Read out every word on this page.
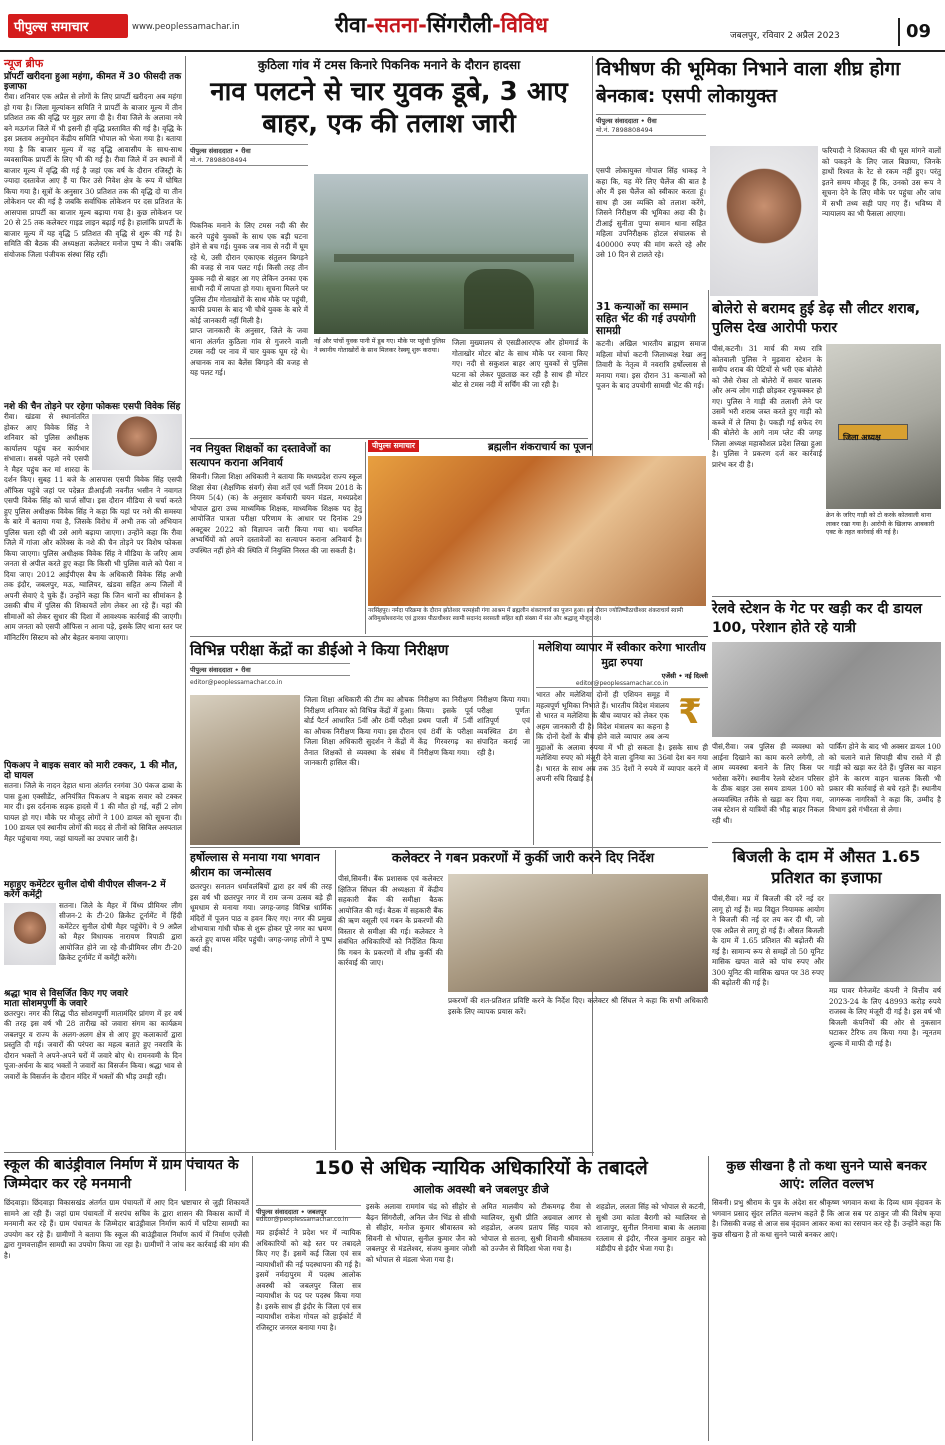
पीपुल्स समाचार	www.peoplessamachar.in	रीवा-सतना-सिंगरौली-विविध	जबलपुर, रविवार 2 अप्रैल 2023	09
न्यूज ब्रीफ
प्रॉपर्टी खरीदना हुआ महंगा, कीमत में 30 फीसदी तक इजाफा
रीवा। शनिवार एक अप्रैल से लोगों के लिए प्रापर्टी खरीदना अब महंगा हो गया है। जिला मूल्यांकन समिति ने प्रापर्टी के बाजार मूल्य में तीन प्रतिशत तक की वृद्धि पर मुहर लगा दी है। रीवा जिले के अलावा नये बने मऊगंज जिले में भी इसनी ही वृद्धि प्रस्तावित की गई है। वृद्धि के इस प्रस्ताव अनुमोदन केंद्रीय समिति भोपाल को भेजा गया है। बताया गया है कि बाजार मूल्य में यह वृद्धि आवासीय के साथ-साथ व्यवसायिक प्रापर्टी के लिए भी की गई है। रीवा जिले में उन स्थानों में बाजार मूल्य में वृद्धि की गई है जहां एक वर्ष के दौरान रजिस्ट्री के ज्यादा दस्तावेज आए हैं या फिर उसे निवेश क्षेत्र के रूप में घोषित किया गया है। सूत्रों के अनुसार 30 प्रतिशत तक की वृद्धि दो या तीन लोकेशन पर की गई है जबकि सर्वाधिक लोकेशन पर दस प्रतिशत के आसपास प्रापर्टी का बाजार मूल्य बढ़ाया गया है। कुछ लोकेशन पर 20 से 25 तक कलेक्टर गाइड लाइन बढ़ाई गई है। हालांकि प्रापर्टी के बाजार मूल्य में यह वृद्धि 5 प्रतिशत की वृद्धि से शुरू की गई है। समिति की बैठक की अध्यक्षता कलेक्टर मनोज पुष्प ने की। जबकि संयोजक जिला पंजीयक संस्था सिंह रहीं।
नशे की चैन तोड़ने पर रहेगा फोकसः एसपी विवेक सिंह
रीवा। खंडवा से स्थानांतरित होकर आए विवेक सिंह ने शनिवार को पुलिस अधीक्षक कार्यालय पहुंच कर कार्यभार संभाला। सबसे पहले नये एसपी ने मैहर पहुंच कर मां शारदा के दर्शन किए। सुबह 11 बजे के आसपास एसपी विवेक सिंह एसपी ऑफिस पहुंचे जहां पर पदेन्नत डीआईजी नवनीत भसीन ने नवागत एसपी विवेक सिंह को चार्ज सौंपा। इस दौरान मीडिया से चर्चा करते हुए पुलिस अधीक्षक विवेक सिंह ने कहा कि यहां पर नशे की समस्या के बारे में बताया गया है, जिसके विरोध में अभी तक जो अभियान पुलिस चला रही थी उसे आगे बढ़ाया जाएगा। उन्होंने कहा कि रीवा जिले में गांजा और कोरेक्स के नशे की चैन तोड़ने पर विशेष फोकस किया जाएगा। पुलिस अधीक्षक विवेक सिंह ने मीडिया के जरिए आम जनता से अपील करते हुए कहा कि किसी भी पुलिस वाले को पैसा न दिया जाए। 2012 आईपीएस बैच के अधिकारी विवेक सिंह अभी तक इंदौर, जबलपुर, मऊ, ग्वालियर, खंडवा सहित अन्य जिलों में अपनी सेवाएं दे चुके हैं। उन्होंने कहा कि जिन थानों का सीमांकन है उसकी बीच में पुलिस की शिकायतें लोग लेकर आ रहे हैं। यहां की सीमाओं को लेकर सुधार की दिशा में आवश्यक कार्रवाई की जाएगी। आम जनता को एसपी ऑफिस न आना पड़े, इसके लिए थाना स्तर पर मॉनिटरिंग सिस्टम को और बेहतर बनाया जाएगा।
पिकअप ने बाइक सवार को मारी टक्कर, 1 की मौत, दो घायल
सतना। जिले के नादन देहात थाना अंतर्गत रनगंवा 30 पंकज ढाबा के पास हुआ एक्सीडेंट, अनियंत्रित पिकअप ने बाइक सवार को टक्कर मार दी। इस दर्दनाक सड़क हादसे में 1 की मौत हो गई, वहीं 2 लोग घायल हो गए। मौके पर मौजूद लोगों ने 100 डायल को सूचना दी।100 डायल एवं स्थानीय लोगों की मदद से तीनों को सिविल अस्पताल मैहर पहुंचाया गया, जहां घायलों का उपचार जारी है।
महाहुए कमेंटेटर सुनील दोषी वीपीएल सीजन-2 में करेंगे कमेंट्री
सतना। जिले के मैहर में विंध्य प्रीमियर लीग सीजन-2 के टी-20 क्रिकेट टूर्नामेंट में हिंदी कमेंटेटर सुनील दोषी मैहर पहुंचेंगे। ये 9 अप्रैल को मैहर विधायक नारायण त्रिपाठी द्वारा आयोजित होने जा रहे वी-प्रीमियर लीग टी-20 क्रिकेट टूर्नामेंट में कमेंट्री करेंगे।
श्रद्धा भाव से विसर्जित किए गए जवारे
माता सोशमपुर्णी के जवारे
छतरपुर। नगर की सिद्ध पीठ सोशमपुर्णी मातामंदिर प्रांगण में हर वर्ष की तरह इस वर्ष भी 28 तारीख को जवारा संगम का कार्यक्रम जबलपुर व राज्य के अलग-अलग क्षेत्र से आए हुए कलाकारों द्वारा प्रस्तुति दी गई। जवारों की परंपरा का महत्व बताते हुए नवरात्रि के दौरान भक्तों ने अपने-अपने घरों में जवारे बोए थे। रामनवमी के दिन पूजा-अर्चना के बाद भक्तों ने जवारों का विसर्जन किया। श्रद्धा भाव से जवारों के विसर्जन के दौरान मंदिर में भक्तों की भीड़ उमड़ी रही।
कुठिला गांव में टमस किनारे पिकनिक मनाने के दौरान हादसा
नाव पलटने से चार युवक डूबे, 3 आए बाहर, एक की तलाश जारी
पीपुल्स संवाददाता • रीवा
मो.नं. 7898808494
पिकनिक मनाने के लिए टमस नदी की सैर करने पहुंचे युवकों के साथ एक बड़ी घटना होने से बच गई। युवक जब नाव से नदी में घूम रहे थे, उसी दौरान एकाएक संतुलन बिगड़ने की वजह से नाव पलट गई। किसी तरह तीन युवक नदी से बाहर आ गए लेकिन उनका एक साथी नदी में लापता हो गया। सूचना मिलने पर पुलिस टीम गोताखोरों के साथ मौके पर पहुंची, काफी प्रयास के बाद भी चौथे युवक के बारे में कोई जानकारी नहीं मिली है।
प्राप्त जानकारी के अनुसार, जिले के जवा थाना अंतर्गत कुठिला गांव से गुजरने वाली टमस नदी पर नाव में चार युवक घूम रहे थे। अचानक नाव का बैलेंस बिगड़ने की वजह से यह पलट गई।
नई और पांचों युवक पानी में डूब गए। मौके पर पहुंची पुलिस ने स्थानीय गोताखोरों के साथ मिलकर रेस्क्यू शुरू कराया।
जिला मुख्यालय से एसडीआरएफ और होमगार्ड के गोताखोर मोटर बोट के साथ मौके पर रवाना किए गए। नदी से सकुशल बाहर आए युवकों से पुलिस घटना को लेकर पूछताछ कर रही है साथ ही मोटर बोट से टमस नदी में सर्चिंग की जा रही है।
विभीषण की भूमिका निभाने वाला शीघ्र होगा बेनकाब: एसपी लोकायुक्त
पीपुल्स संवाददाता • रीवा
मो.नं. 7898808494
एसपी लोकायुक्त गोपाल सिंह धाकड़ ने कहा कि, यह मेरे लिए चैलेंज की बात है और मैं इस चैलेंज को स्वीकार करता हूं। साथ ही उस व्यक्ति को तलाश करेंगे, जिसने निरीक्षण की भूमिका अदा की है। टीआई सुनीता पुप्पा समान थाना सहित महिला उपनिरीक्षक होटल संचालक से 400000 रुपए की मांग करते रहे और उसे 10 दिन से टालते रहे।
फरियादी ने शिकायत की थी घूस मांगने वालों को पकड़ने के लिए जाल बिछाया, जिनके हाथों रिश्वत के रेट से रकम नहीं हुए। परंतु इतने समय मौजूद हैं कि, उनको उस रूप ने सूचना देने के लिए मौके पर पहुंचा और जांच में सभी तथ्य सही पाए गए हैं। भविष्य में न्यायालय का भी फैसला आएगा।
31 कन्याओं का सम्मान सहित भेंट की गई उपयोगी सामग्री
कटनी। अखिल भारतीय ब्राह्मण समाज महिला मोर्चा कटनी जिलाध्यक्ष रेखा अनु तिवारी के नेतृत्व में नवरात्रि हर्षोल्लास से मनाया गया। इस दौरान 31 कन्याओं को पूजन के बाद उपयोगी सामग्री भेंट की गई।
बोलेरो से बरामद हुई डेढ़ सौ लीटर शराब, पुलिस देख आरोपी फरार
पीसं,कटनी। 31 मार्च की मध्य रात्रि कोतवाली पुलिस ने मुड़वारा स्टेशन के समीप शराब की पेटियों से भरी एक बोलेरो को जैसे रोका तो बोलेरो में सवार चालक और अन्य लोग गाड़ी छोड़कर रफूचक्कर हो गए। पुलिस ने गाड़ी की तलाशी लेने पर उसमें भरी शराब जब्त करते हुए गाड़ी को कब्जे में ले लिया है। पकड़ी गई सफेद रंग की बोलेरो के आगे नाम प्लेट की जगह जिला अध्यक्ष महाकौशल प्रदेश लिखा हुआ है। पुलिस ने प्रकरण दर्ज कर कार्रवाई प्रारंभ कर दी है।
जिला अध्यक्ष
क्रेन के जरिए गाड़ी को टो करके कोतवाली थाना लाकर रखा गया है। आरोपी के खिलाफ आबकारी एक्ट के तहत कार्रवाई की गई है।
नव नियुक्त शिक्षकों का दस्तावेजों का सत्यापन कराना अनिवार्य
सिवनी। जिला शिक्षा अधिकारी ने बताया कि मध्यप्रदेश राज्य स्कूल शिक्षा सेवा (शैक्षणिक संवर्ग) सेवा शर्तें एवं भर्ती नियम 2018 के नियम 5(4) (क) के अनुसार कर्मचारी चयन मंडल, मध्यप्रदेश भोपाल द्वारा उच्च माध्यमिक शिक्षक, माध्यमिक शिक्षक पद हेतु आयोजित पात्रता परीक्षा परिणाम के आधार पर दिनांक 29 अक्टूबर 2022 को विज्ञापन जारी किया गया था। चयनित अभ्यर्थियों को अपने दस्तावेजों का सत्यापन कराना अनिवार्य है। उपस्थित नहीं होने की स्थिति में नियुक्ति निरस्त की जा सकती है।
पीपुल्स समाचार	ब्रह्मलीन शंकराचार्य का पूजन
नरसिंहपुर। नर्मदा परिक्रमा के दौरान झोतेश्वर परमहंसी गंगा आश्रम में ब्रह्मलीन शंकराचार्य का पूजन हुआ। इस दौरान ज्योतिष्पीठाधीश्वर शंकराचार्य स्वामी अविमुक्तेश्वरानंद एवं द्वारका पीठाधीश्वर स्वामी सदानंद सरस्वती सहित बड़ी संख्या में संत और श्रद्धालु मौजूद रहे।
रेलवे स्टेशन के गेट पर खड़ी कर दी डायल 100, परेशान होते रहे यात्री
पीसं,रीवा। जब पुलिस ही व्यवस्था को आईना दिखाने का काम करने लगेगी, तो आम व्यवस्था बनाने के लिए किस पर भरोसा करेंगे। स्थानीय रेलवे स्टेशन परिसर के ठीक बाहर उस समय डायल 100 को अव्यवस्थित तरीके से खड़ा कर दिया गया, जब स्टेशन से यात्रियों की भीड़ बाहर निकल रही थी।
पार्किंग होने के बाद भी अक्सर डायल 100 को चलाने वाले सिपाही बीच रास्ते में ही गाड़ी को खड़ा कर देते हैं। पुलिस का वाहन होने के कारण वाहन चालक किसी भी प्रकार की कार्रवाई से बचे रहते हैं। स्थानीय जागरूक नागरिकों ने कहा कि, उम्मीद है विभाग इसे गंभीरता से लेगा।
बिजली के दाम में औसत 1.65 प्रतिशत का इजाफा
पीसं,रीवा। मप्र में बिजली की दरें नई दर लागू हो गई हैं। मप्र विद्युत नियामक आयोग ने बिजली की नई दर तय कर दी थी, जो एक अप्रैल से लागू हो गई हैं। औसत बिजली के दाम में 1.65 प्रतिशत की बढ़ोतरी की गई है। सामान्य रूप से समझें तो 50 यूनिट मासिक खपत वाले को पांच रुपए और 300 यूनिट की मासिक खपत पर 38 रुपए की बढ़ोतरी की गई है।
मप्र पावर मैनेजमेंट कंपनी ने वित्तीय वर्ष 2023-24 के लिए 48993 करोड़ रुपये राजस्व के लिए मंजूरी दी गई है। इस वर्ष भी बिजली कंपनियों की ओर से नुकसान घटाकर टैरिफ तय किया गया है। न्यूनतम शुल्क में माफी दी गई है।
विभिन्न परीक्षा केंद्रों का डीईओ ने किया निरीक्षण
पीपुल्स संवाददाता • रीवा
editor@peoplessamachar.co.in
जिला शिक्षा अधिकारी की टीम का औचक निरीक्षण शनिवार को विभिन्न केंद्रों में हुआ। बोर्ड पैटर्न आधारित 5वीं और 8वीं परीक्षा का औचक निरीक्षण किया गया। इस दौरान जिला शिक्षा अधिकारी सुदर्शन ने केंद्रों में तैनात शिक्षकों से व्यवस्था के संबंध में जानकारी हासिल की।
निरीक्षण का निरीक्षण किया। इसके पूर्व प्रथम पाली में 5वीं एवं 8वीं के परीक्षा केंद्र गिरवरगढ़ का निरीक्षण किया गया।
निरीक्षण किया गया। परीक्षा पूर्णतः शांतिपूर्ण एवं व्यवस्थित ढंग से संपादित कराई जा रही है।
मलेशिया व्यापार में स्वीकार करेगा भारतीय मुद्रा रुपया
एजेंसी • नई दिल्ली
editor@peoplessamachar.co.in
₹
भारत और मलेशिया दोनों ही एशियन समूह में महत्वपूर्ण भूमिका निभाते हैं। भारतीय विदेश मंत्रालय से भारत व मलेशिया के बीच व्यापार को लेकर एक अहम जानकारी दी है। विदेश मंत्रालय का कहना है कि दोनों देशों के बीच होने वाले व्यापार अब अन्य मुद्राओं के अलावा रुपया में भी हो सकता है। इसके साथ ही मलेशिया रुपए को मंजूरी देने वाला दुनिया का 36वां देश बन गया है। भारत के साथ अब तक 35 देशों ने रुपये में व्यापार करने में अपनी रुचि दिखाई है।
हर्षोल्लास से मनाया गया भगवान श्रीराम का जन्मोत्सव
छतरपुर। सनातन धर्मावलंबियों द्वारा हर वर्ष की तरह इस वर्ष भी छतरपुर नगर में राम जन्म उत्सव बड़े ही धूमधाम से मनाया गया। जगह-जगह विभिन्न धार्मिक मंदिरों में पूजन पाठ व हवन किए गए। नगर की प्रमुख शोभायात्रा गांधी चौक से शुरू होकर पूरे नगर का भ्रमण करते हुए वापस मंदिर पहुंची। जगह-जगह लोगों ने पुष्प वर्षा की।
कलेक्टर ने गबन प्रकरणों में कुर्की जारी करने दिए निर्देश
पीसं,सिवनी। बैंक प्रशासक एवं कलेक्टर क्षितिज सिंघल की अध्यक्षता में केंद्रीय सहकारी बैंक की समीक्षा बैठक आयोजित की गई। बैठक में सहकारी बैंक की ऋण वसूली एवं गबन के प्रकरणों की विस्तार से समीक्षा की गई। कलेक्टर ने संबंधित अधिकारियों को निर्देशित किया कि गबन के प्रकरणों में शीघ्र कुर्की की कार्रवाई की जाए।
प्रकरणों की शत-प्रतिशत प्रविष्टि करने के निर्देश दिए। कलेक्टर श्री सिंघल ने कहा कि सभी अधिकारी इसके लिए व्यापक प्रयास करें।
स्कूल की बाउंड्रीवाल निर्माण में ग्राम पंचायत के जिम्मेदार कर रहे मनमानी
छिंदवाड़ा। छिंदवाड़ा विकासखंड अंतर्गत ग्राम पंचायतों में आए दिन भ्रष्टाचार से जुड़ी शिकायतें सामने आ रही हैं। जहां ग्राम पंचायतों में सरपंच सचिव के द्वारा शासन की विकास कार्यों में मनमानी कर रहे हैं। ग्राम पंचायत के जिम्मेदार बाउंड्रीवाल निर्माण कार्य में घटिया सामग्री का उपयोग कर रहे हैं। ग्रामीणों ने बताया कि स्कूल की बाउंड्रीवाल निर्माण कार्य में निर्माण एजेंसी द्वारा गुणवत्ताहीन सामग्री का उपयोग किया जा रहा है। ग्रामीणों ने जांच कर कार्रवाई की मांग की है।
150 से अधिक न्यायिक अधिकारियों के तबादले
आलोक अवस्थी बने जबलपुर डीजे
पीपुल्स संवाददाता • जबलपुर
editor@peoplessamachar.co.in
मप्र हाईकोर्ट ने प्रदेश भर में न्यायिक अधिकारियों को बड़े स्तर पर तबादले किए गए हैं। इसमें कई जिला एवं सत्र न्यायाधीशों की नई पदस्थापना की गई है। इसमें नर्मदापुरम में पदस्थ आलोक अवस्थी को जबलपुर जिला सत्र न्यायाधीश के पद पर पदस्थ किया गया है। इसके साथ ही इंदौर के जिला एवं सत्र न्यायाधीश राकेश गोयल को हाईकोर्ट में रजिस्ट्रार जनरल बनाया गया है।
इसके अलावा रामगांव चंद्र को सीहोर से बैढ़न सिंगरौली, अनिल जैन भिंड से सीधी से सीहोर, मनोज कुमार श्रीवास्तव को सिवनी से भोपाल, सुनील कुमार जैन को जबलपुर से मंडलेश्वर, संजय कुमार जोशी को भोपाल से मंडला भेजा गया है।
अमित मालवीय को टीकमगढ़ रीवा से ग्वालियर, सुश्री प्रीति अग्रवाल आगर से शहडोल, अजय प्रताप सिंह यादव को भोपाल से सतना, सुश्री शिवानी श्रीवास्तव को उज्जैन से विदिशा भेजा गया है।
शहडोल, ललता सिंह को भोपाल से कटनी, सुश्री उमा कांता बैरागी को ग्वालियर से शाजापुर, सुनील निनामा बाबा के अलावा रतलाम से इंदौर, नीरज कुमार ठाकुर को मंडीदीप से इंदौर भेजा गया है।
कुछ सीखना है तो कथा सुनने प्यासे बनकर आएं: ललित वल्लभ
सिवनी। प्रभु श्रीराम के पुत्र के अंदेश सर श्रीकृष्ण भगवान कथा के दिव्य धाम वृंदावन के भगवान प्रसाद सुंदर ललित वल्लभ कहते हैं कि आज सब पर ठाकुर जी की विशेष कृपा है। जिसकी वजह से आज सब वृंदावन आकर कथा का रसपान कर रहे हैं। उन्होंने कहा कि कुछ सीखना है तो कथा सुनने प्यासे बनकर आएं।
